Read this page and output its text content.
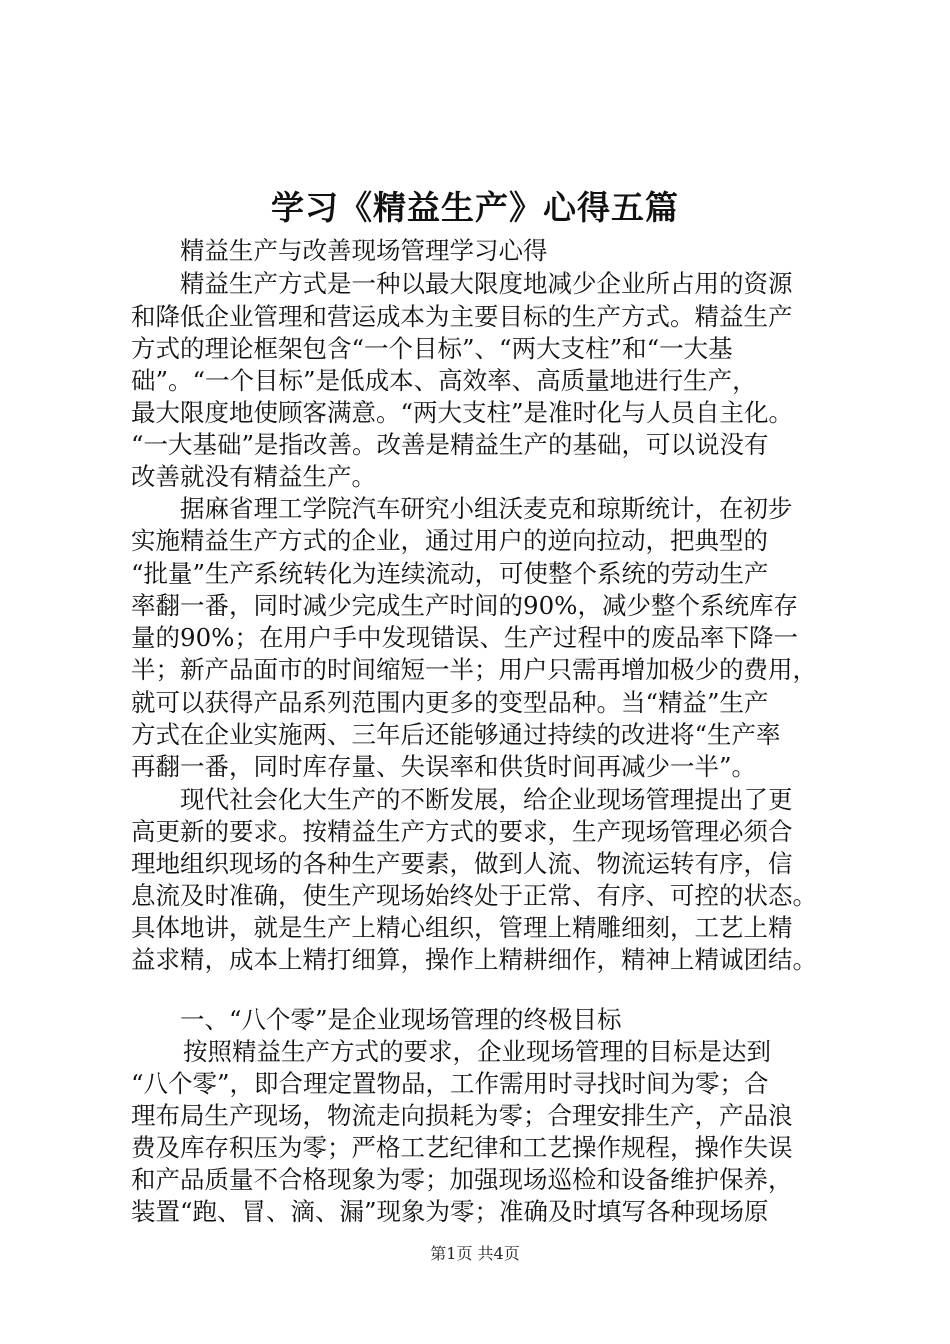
学习《精益生产》心得五篇
精益生产与改善现场管理学习心得
精益生产方式是一种以最大限度地减少企业所占用的资源
和降低企业管理和营运成本为主要目标的生产方式。精益生产
方式的理论框架包含“一个目标”、“两大支柱”和“一大基
础”。“一个目标”是低成本、高效率、高质量地进行生产，
最大限度地使顾客满意。“两大支柱”是准时化与人员自主化。
“一大基础”是指改善。改善是精益生产的基础，可以说没有
改善就没有精益生产。
据麻省理工学院汽车研究小组沃麦克和琼斯统计，在初步
实施精益生产方式的企业，通过用户的逆向拉动，把典型的
“批量”生产系统转化为连续流动，可使整个系统的劳动生产
率翻一番，同时减少完成生产时间的90%，减少整个系统库存
量的90%；在用户手中发现错误、生产过程中的废品率下降一
半；新产品面市的时间缩短一半；用户只需再增加极少的费用，
就可以获得产品系列范围内更多的变型品种。当“精益”生产
方式在企业实施两、三年后还能够通过持续的改进将“生产率
再翻一番，同时库存量、失误率和供货时间再减少一半”。
现代社会化大生产的不断发展，给企业现场管理提出了更
高更新的要求。按精益生产方式的要求，生产现场管理必须合
理地组织现场的各种生产要素，做到人流、物流运转有序，信
息流及时准确，使生产现场始终处于正常、有序、可控的状态。
具体地讲，就是生产上精心组织，管理上精雕细刻，工艺上精
益求精，成本上精打细算，操作上精耕细作，精神上精诚团结。
一、“八个零”是企业现场管理的终极目标
按照精益生产方式的要求，企业现场管理的目标是达到
“八个零”，即合理定置物品，工作需用时寻找时间为零；合
理布局生产现场，物流走向损耗为零；合理安排生产，产品浪
费及库存积压为零；严格工艺纪律和工艺操作规程，操作失误
和产品质量不合格现象为零；加强现场巡检和设备维护保养，
装置“跑、冒、滴、漏”现象为零；准确及时填写各种现场原
第1页 共4页
